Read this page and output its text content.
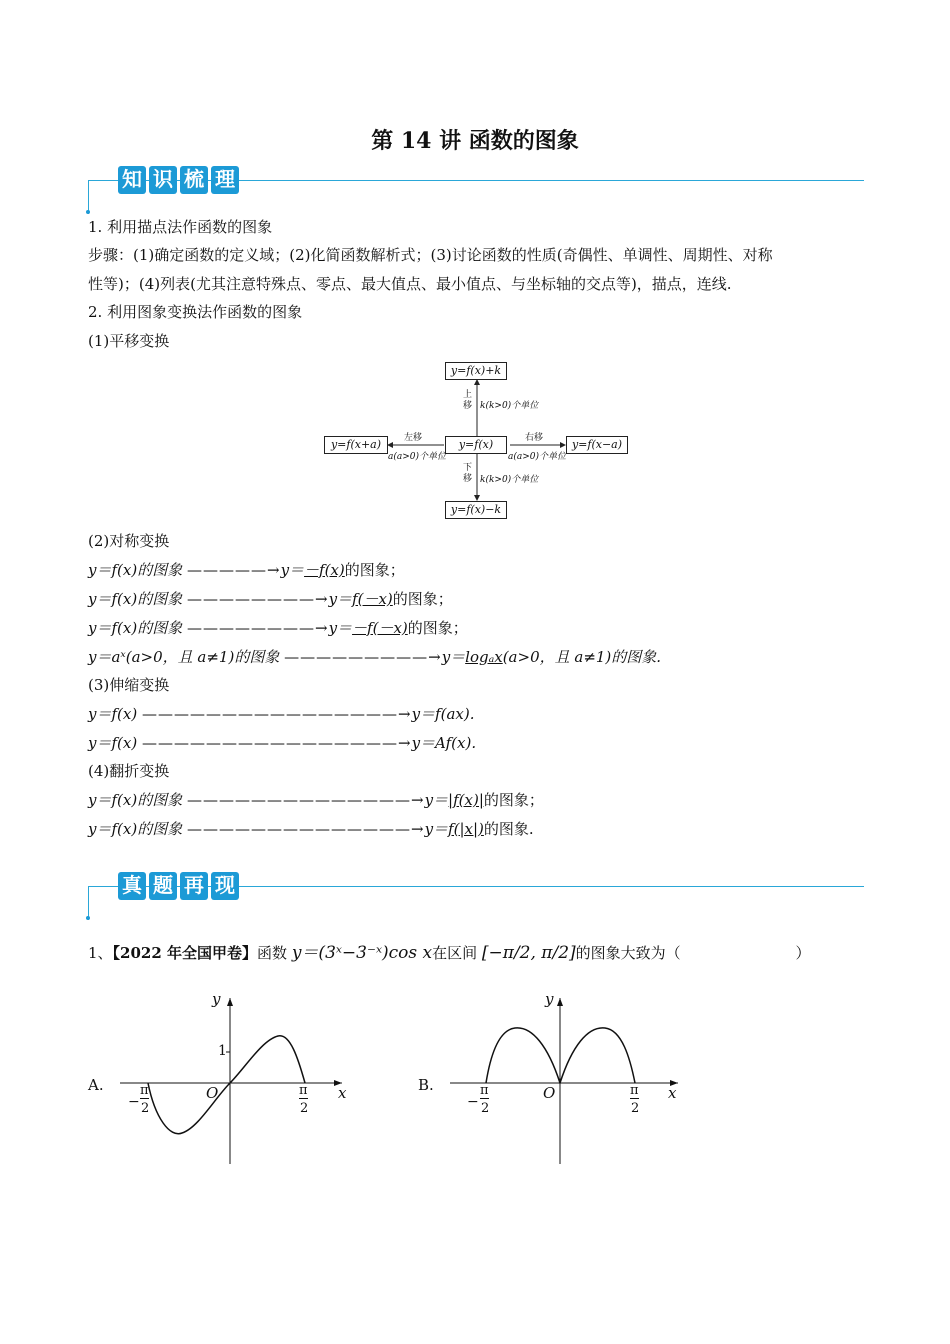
第 14 讲 函数的图象
知 识 梳 理
1. 利用描点法作函数的图象
步骤：(1)确定函数的定义域；(2)化简函数解析式；(3)讨论函数的性质(奇偶性、单调性、周期性、对称
性等)；(4)列表(尤其注意特殊点、零点、最大值点、最小值点、与坐标轴的交点等)，描点，连线.
2. 利用图象变换法作函数的图象
(1)平移变换
y=f(x)+k
y=f(x)
y=f(x)−k
y=f(x+a)	y=f(x−a)
上移 k(k>0)个单位
下移 k(k>0)个单位
左移
a(a>0)个单位
右移
a(a>0)个单位
(2)对称变换
y＝f(x)的图象 —————→y＝－f(x)的图象；
y＝f(x)的图象 ————————→y＝f(－x)的图象；
y＝f(x)的图象 ————————→y＝－f(－x)的图象；
y＝aˣ(a>0，且 a≠1)的图象 —————————→y＝logₐx(a>0，且 a≠1)的图象.
(3)伸缩变换
y＝f(x) ————————————————→y＝f(ax).
y＝f(x) ————————————————→y＝Af(x).
(4)翻折变换
y＝f(x)的图象 ——————————————→y＝|f(x)|的图象；
y＝f(x)的图象 ——————————————→y＝f(|x|)的图象.
真 题 再 现
1、【2022 年全国甲卷】函数 y＝(3ˣ−3⁻ˣ)cos x在区间 [−π/2, π/2]的图象大致为（	）
A.
y
x
O
1
−
π
2
π
2
B.
y
x
O
−
π
2
π
2
